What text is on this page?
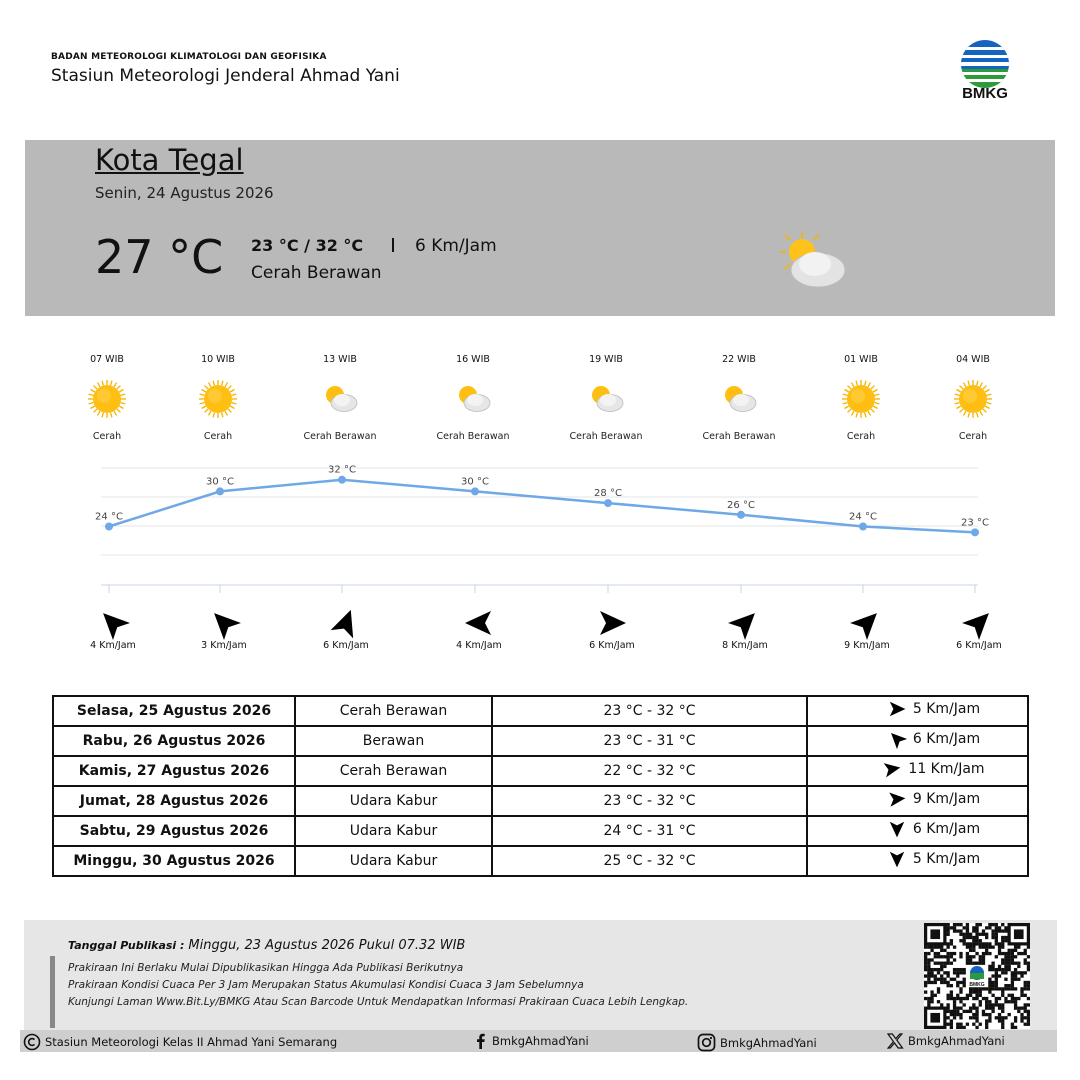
BADAN METEOROLOGI KLIMATOLOGI DAN GEOFISIKA
Stasiun Meteorologi Jenderal Ahmad Yani
BMKG
Kota Tegal
Senin, 24 Agustus 2026
27 °C 23 °C / 32 °C	6 Km/Jam
Cerah Berawan
07 WIB
Cerah
10 WIB
Cerah
13 WIB
Cerah Berawan
16 WIB
Cerah Berawan
19 WIB
Cerah Berawan
22 WIB
Cerah Berawan
01 WIB
Cerah
04 WIB
Cerah
24 °C
30 °C
32 °C
30 °C
28 °C
26 °C
24 °C
23 °C
4 Km/Jam	3 Km/Jam	6 Km/Jam	4 Km/Jam	6 Km/Jam	8 Km/Jam	9 Km/Jam	6 Km/Jam
Selasa, 25 Agustus 2026	Cerah Berawan	23 °C - 32 °C	5 Km/Jam

Rabu, 26 Agustus 2026	Berawan	23 °C - 31 °C	6 Km/Jam

Kamis, 27 Agustus 2026	Cerah Berawan	22 °C - 32 °C	11 Km/Jam

Jumat, 28 Agustus 2026	Udara Kabur	23 °C - 32 °C	9 Km/Jam

Sabtu, 29 Agustus 2026	Udara Kabur	24 °C - 31 °C	6 Km/Jam

Minggu, 30 Agustus 2026	Udara Kabur	25 °C - 32 °C	5 Km/Jam
Tanggal Publikasi : Minggu, 23 Agustus 2026 Pukul 07.32 WIB
Prakiraan Ini Berlaku Mulai Dipublikasikan Hingga Ada Publikasi Berikutnya
Prakiraan Kondisi Cuaca Per 3 Jam Merupakan Status Akumulasi Kondisi Cuaca 3 Jam Sebelumnya
Kunjungi Laman Www.Bit.Ly/BMKG Atau Scan Barcode Untuk Mendapatkan Informasi Prakiraan Cuaca Lebih Lengkap.
BMKG
Stasiun Meteorologi Kelas II Ahmad Yani Semarang	BmkgAhmadYani	BmkgAhmadYani	BmkgAhmadYani
